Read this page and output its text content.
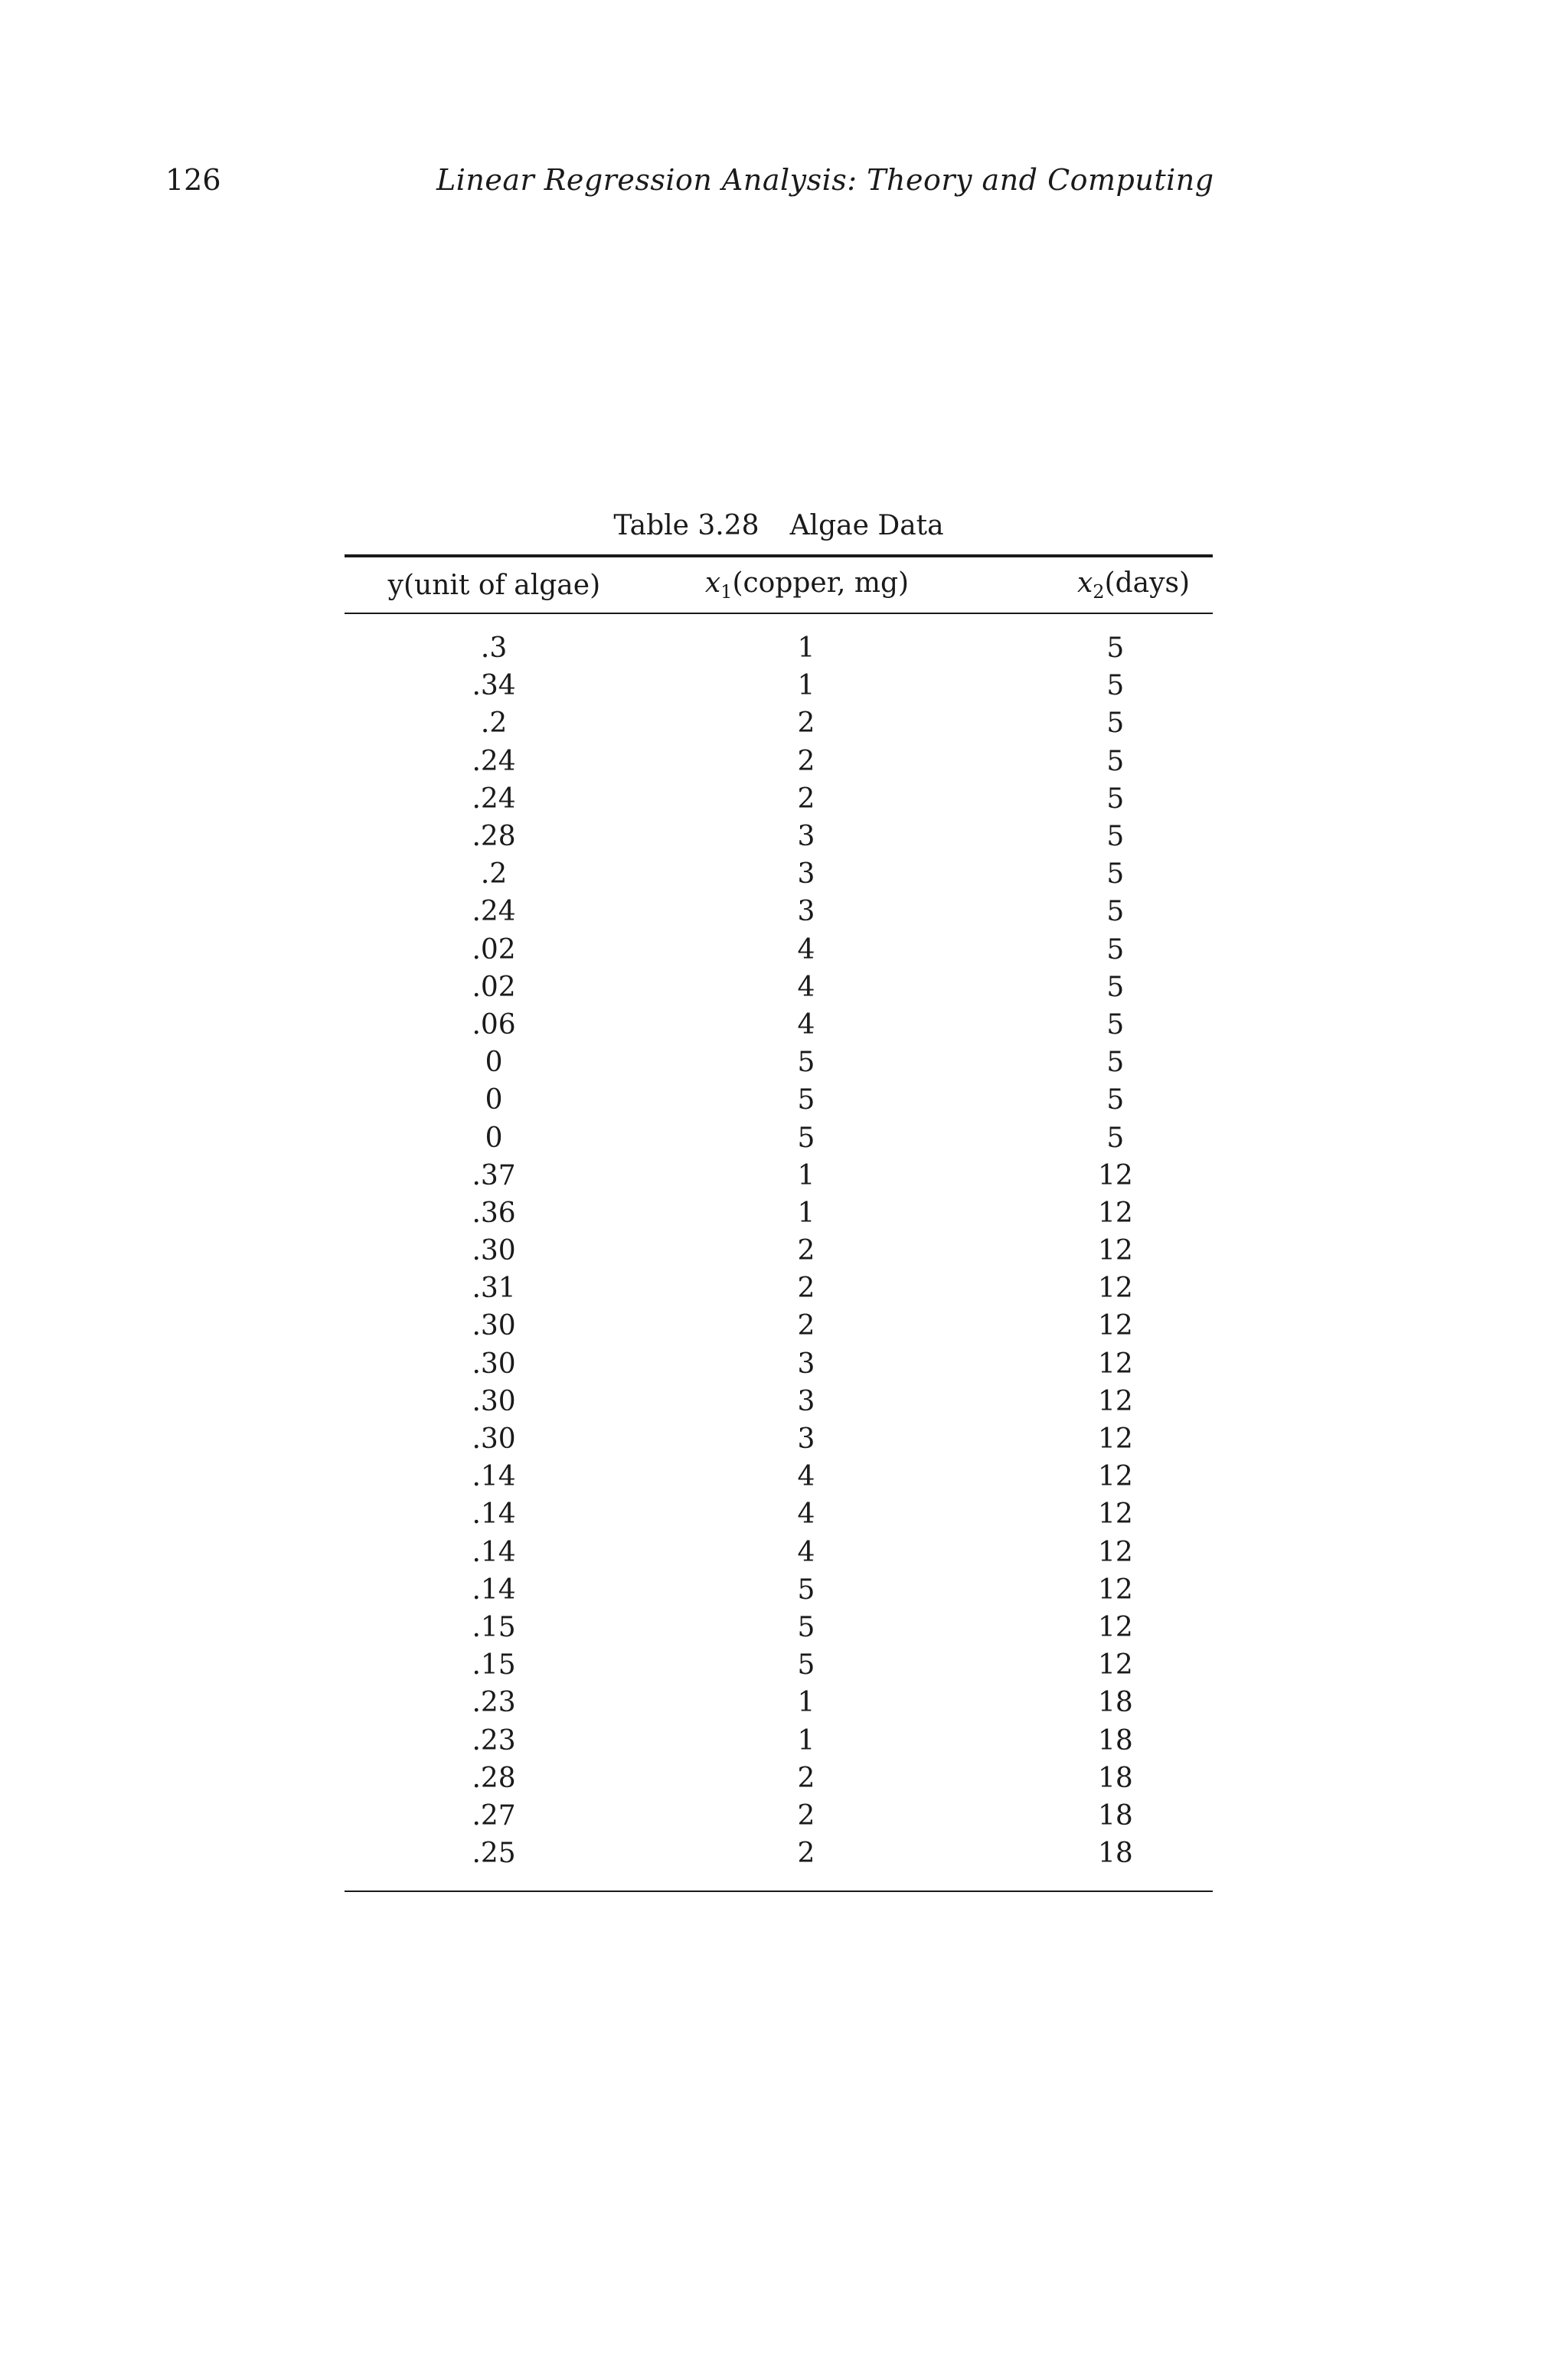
126	Linear Regression Analysis: Theory and Computing
Table 3.28 Algae Data
y(unit of algae)	$x_1(copper$, mg)	$x_2(days)$
.3	1	5
.34	1	5
.2	2	5
.24	2	5
.24	2	5
.28	3	5
.2	3	5
.24	3	5
.02	4	5
.02	4	5
.06	4	5
0	5	5
0	5	5
0	5	5
.37	1	12
.36	1	12
.30	2	12
.31	2	12
.30	2	12
.30	3	12
.30	3	12
.30	3	12
.14	4	12
.14	4	12
.14	4	12
.14	5	12
.15	5	12
.15	5	12
.23	1	18
.23	1	18
.28	2	18
.27	2	18
.25	2	18
